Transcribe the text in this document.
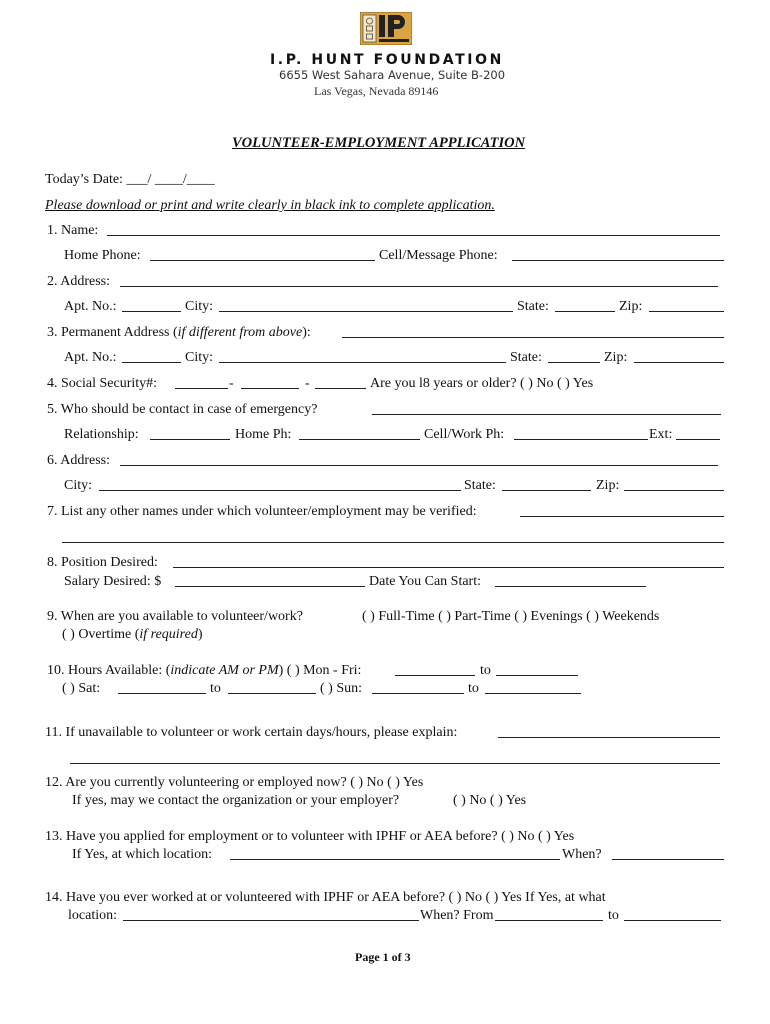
I.P. HUNT FOUNDATION
6655 West Sahara Avenue, Suite B-200
Las Vegas, Nevada 89146
VOLUNTEER-EMPLOYMENT APPLICATION
Today’s Date: ___/ ____/____
Please download or print and write clearly in black ink to complete application.
1. Name:
Home Phone:	Cell/Message Phone:
2. Address:
Apt. No.:	City:	State:	Zip:
3. Permanent Address (if different from above):
Apt. No.:	City:	State:	Zip:
4. Social Security#:	-	-	Are you l8 years or older? ( ) No ( ) Yes
5. Who should be contact in case of emergency?
Relationship:	Home Ph:	Cell/Work Ph:	Ext:
6. Address:
City:	State:	Zip:
7. List any other names under which volunteer/employment may be verified:
8. Position Desired:
Salary Desired: $	Date You Can Start:
9. When are you available to volunteer/work?	( ) Full-Time ( ) Part-Time ( ) Evenings ( ) Weekends
( ) Overtime (if required)
10. Hours Available: (indicate AM or PM) ( ) Mon - Fri:	to
( ) Sat:	to	( ) Sun:	to
11. If unavailable to volunteer or work certain days/hours, please explain:
12. Are you currently volunteering or employed now? ( ) No ( ) Yes
If yes, may we contact the organization or your employer?	( ) No ( ) Yes
13. Have you applied for employment or to volunteer with IPHF or AEA before? ( ) No ( ) Yes
If Yes, at which location:	When?
14. Have you ever worked at or volunteered with IPHF or AEA before? ( ) No ( ) Yes If Yes, at what
location:	When? From	to
Page 1 of 3
